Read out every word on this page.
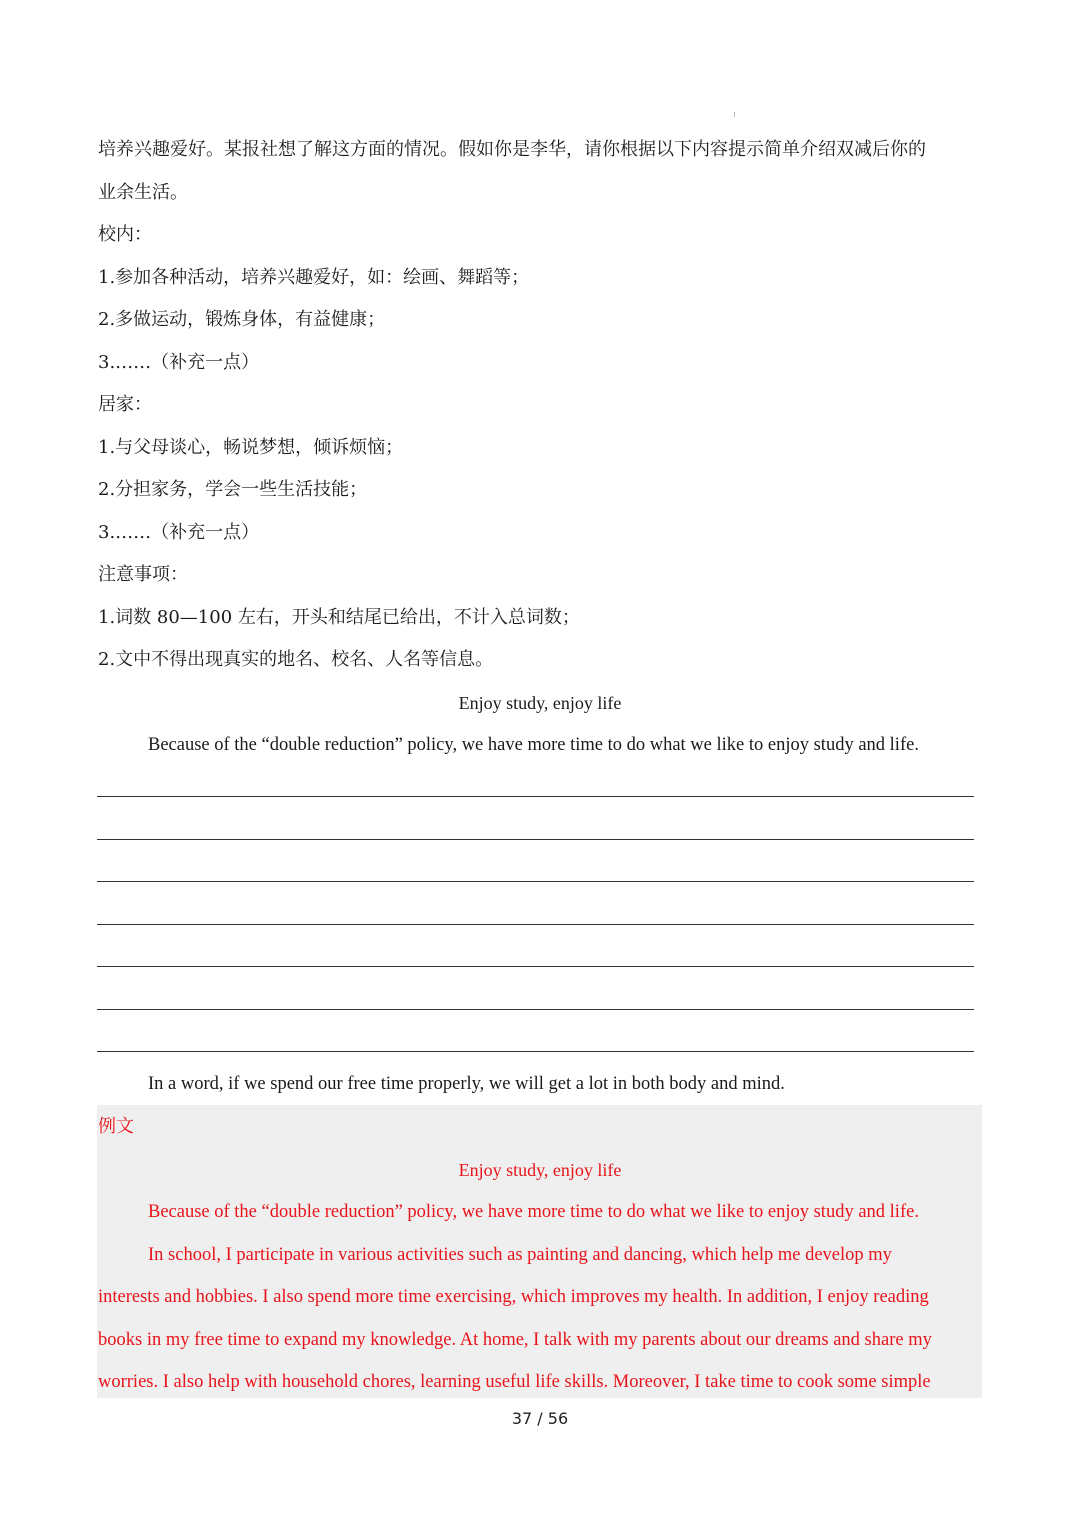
培养兴趣爱好。某报社想了解这方面的情况。假如你是李华，请你根据以下内容提示简单介绍双减后你的
业余生活。
校内：
1.参加各种活动，培养兴趣爱好，如：绘画、舞蹈等；
2.多做运动，锻炼身体，有益健康；
3.……（补充一点）
居家：
1.与父母谈心，畅说梦想，倾诉烦恼；
2.分担家务，学会一些生活技能；
3.……（补充一点）
注意事项：
1.词数 80—100 左右，开头和结尾已给出，不计入总词数；
2.文中不得出现真实的地名、校名、人名等信息。
Enjoy study, enjoy life
Because of the “double reduction” policy, we have more time to do what we like to enjoy study and life.
In a word, if we spend our free time properly, we will get a lot in both body and mind.
例文
Enjoy study, enjoy life
Because of the “double reduction” policy, we have more time to do what we like to enjoy study and life.
In school, I participate in various activities such as painting and dancing, which help me develop my
interests and hobbies. I also spend more time exercising, which improves my health. In addition, I enjoy reading
books in my free time to expand my knowledge. At home, I talk with my parents about our dreams and share my
worries. I also help with household chores, learning useful life skills. Moreover, I take time to cook some simple
37 / 56
